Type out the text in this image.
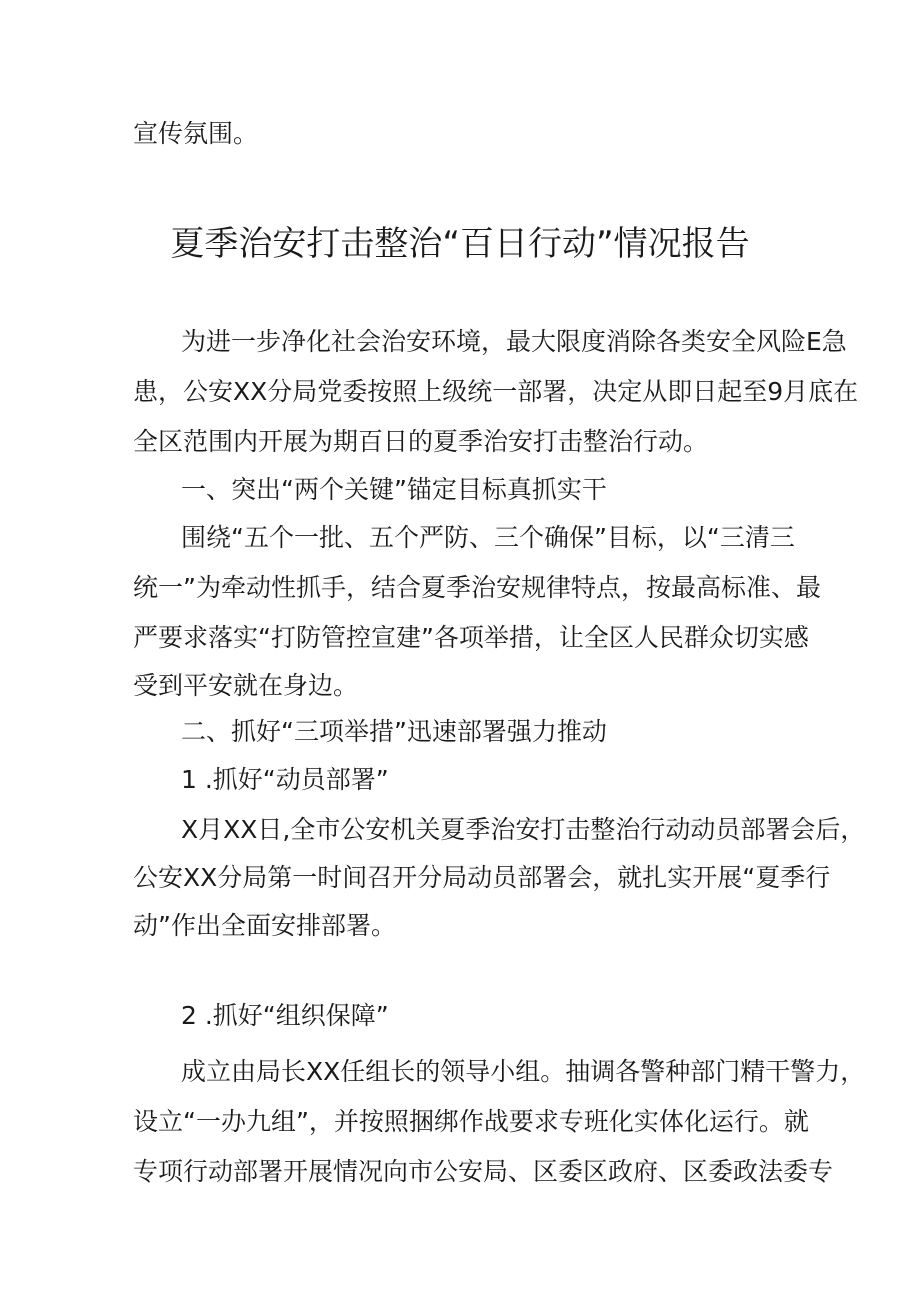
宣传氛围。
夏季治安打击整治“百日行动”情况报告
为进一步净化社会治安环境，最大限度消除各类安全风险E急
患，公安XX分局党委按照上级统一部署，决定从即日起至9月底在
全区范围内开展为期百日的夏季治安打击整治行动。
一、突出“两个关键”锚定目标真抓实干
围绕“五个一批、五个严防、三个确保”目标，以“三清三
统一”为牵动性抓手，结合夏季治安规律特点，按最高标准、最
严要求落实“打防管控宣建”各项举措，让全区人民群众切实感
受到平安就在身边。
二、抓好“三项举措”迅速部署强力推动
1 .抓好“动员部署”
X月XX日,全市公安机关夏季治安打击整治行动动员部署会后，
公安XX分局第一时间召开分局动员部署会，就扎实开展“夏季行
动”作出全面安排部署。
2 .抓好“组织保障”
成立由局长XX任组长的领导小组。抽调各警种部门精干警力，
设立“一办九组”，并按照捆绑作战要求专班化实体化运行。就
专项行动部署开展情况向市公安局、区委区政府、区委政法委专
